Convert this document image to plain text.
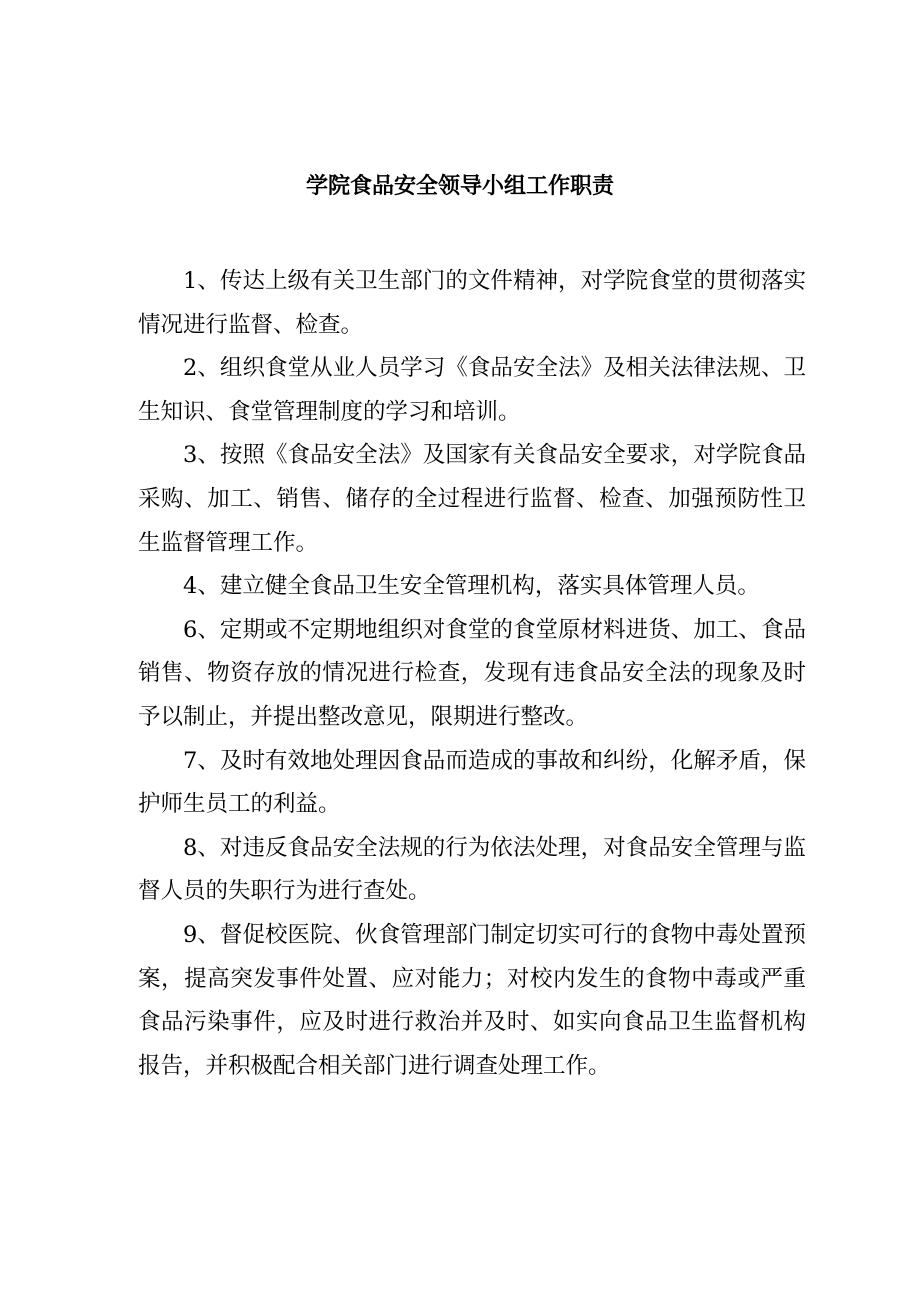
学院食品安全领导小组工作职责

1、传达上级有关卫生部门的文件精神，对学院食堂的贯彻落实情况进行监督、检查。

2、组织食堂从业人员学习《食品安全法》及相关法律法规、卫生知识、食堂管理制度的学习和培训。

3、按照《食品安全法》及国家有关食品安全要求，对学院食品采购、加工、销售、储存的全过程进行监督、检查、加强预防性卫生监督管理工作。

4、建立健全食品卫生安全管理机构，落实具体管理人员。

6、定期或不定期地组织对食堂的食堂原材料进货、加工、食品销售、物资存放的情况进行检查，发现有违食品安全法的现象及时予以制止，并提出整改意见，限期进行整改。

7、及时有效地处理因食品而造成的事故和纠纷，化解矛盾，保护师生员工的利益。

8、对违反食品安全法规的行为依法处理，对食品安全管理与监督人员的失职行为进行查处。

9、督促校医院、伙食管理部门制定切实可行的食物中毒处置预案，提高突发事件处置、应对能力；对校内发生的食物中毒或严重食品污染事件，应及时进行救治并及时、如实向食品卫生监督机构报告，并积极配合相关部门进行调查处理工作。
